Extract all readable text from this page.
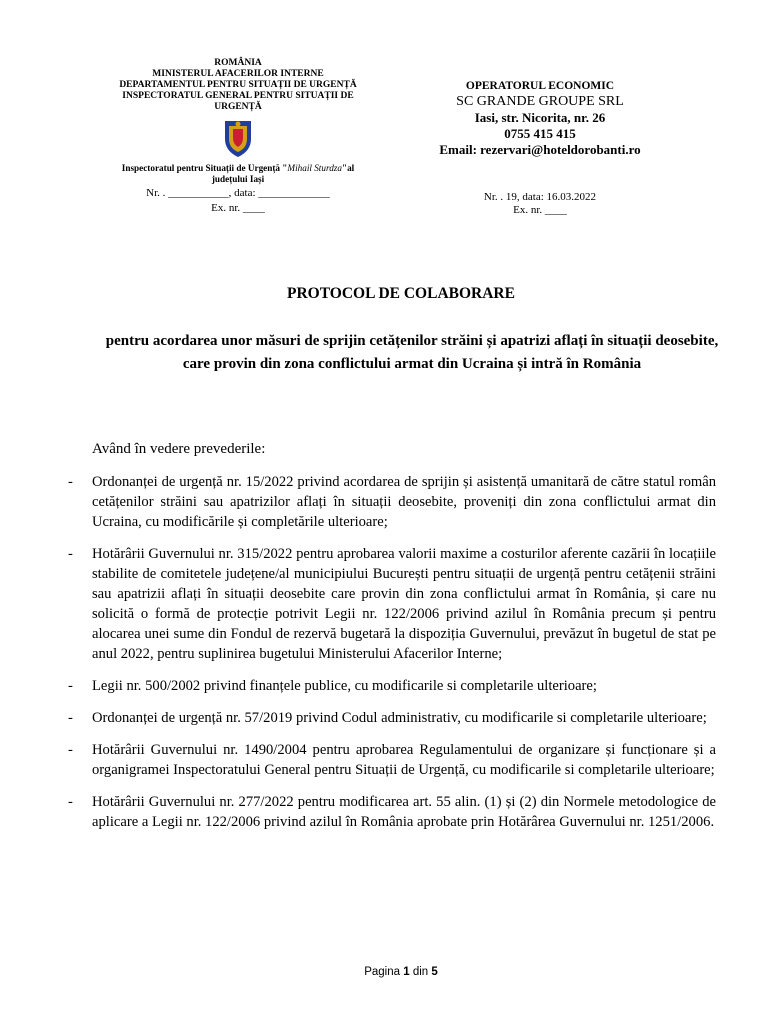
ROMÂNIA

MINISTERUL AFACERILOR INTERNE

DEPARTAMENTUL PENTRU SITUAȚII DE URGENȚĂ

INSPECTORATUL GENERAL PENTRU SITUAȚII DE

URGENȚĂ

Inspectoratul pentru Situații de Urgență "Mihail Sturdza"al județului Iași

Nr. . ___________, data: _____________
Ex. nr. ____
OPERATORUL ECONOMIC
SC GRANDE GROUPE SRL
Iasi, str. Nicorita, nr. 26
0755 415 415
Email: rezervari@hoteldorobanti.ro
Nr. . 19, data: 16.03.2022
Ex. nr. ____
PROTOCOL DE COLABORARE
pentru acordarea unor măsuri de sprijin cetățenilor străini și apatrizi aflați în situații deosebite, care provin din zona conflictului armat din Ucraina și intră în România
Având în vedere prevederile:
- Ordonanței de urgență nr. 15/2022 privind acordarea de sprijin și asistență umanitară de către statul român cetățenilor străini sau apatrizilor aflați în situații deosebite, proveniți din zona conflictului armat din Ucraina, cu modificările și completările ulterioare;
- Hotărârii Guvernului nr. 315/2022 pentru aprobarea valorii maxime a costurilor aferente cazării în locațiile stabilite de comitetele județene/al municipiului București pentru situații de urgență pentru cetățenii străini sau apatrizii aflați în situații deosebite care provin din zona conflictului armat în România, și care nu solicită o formă de protecție potrivit Legii nr. 122/2006 privind azilul în România precum și pentru alocarea unei sume din Fondul de rezervă bugetară la dispoziția Guvernului, prevăzut în bugetul de stat pe anul 2022, pentru suplinirea bugetului Ministerului Afacerilor Interne;
- Legii nr. 500/2002 privind finanțele publice, cu modificarile si completarile ulterioare;
- Ordonanței de urgență nr. 57/2019 privind Codul administrativ, cu modificarile si completarile ulterioare;
- Hotărârii Guvernului nr. 1490/2004 pentru aprobarea Regulamentului de organizare și funcționare și a organigramei Inspectoratului General pentru Situații de Urgență, cu modificarile si completarile ulterioare;
- Hotărârii Guvernului nr. 277/2022 pentru modificarea art. 55 alin. (1) și (2) din Normele metodologice de aplicare a Legii nr. 122/2006 privind azilul în România aprobate prin Hotărârea Guvernului nr. 1251/2006.
Pagina 1 din 5
